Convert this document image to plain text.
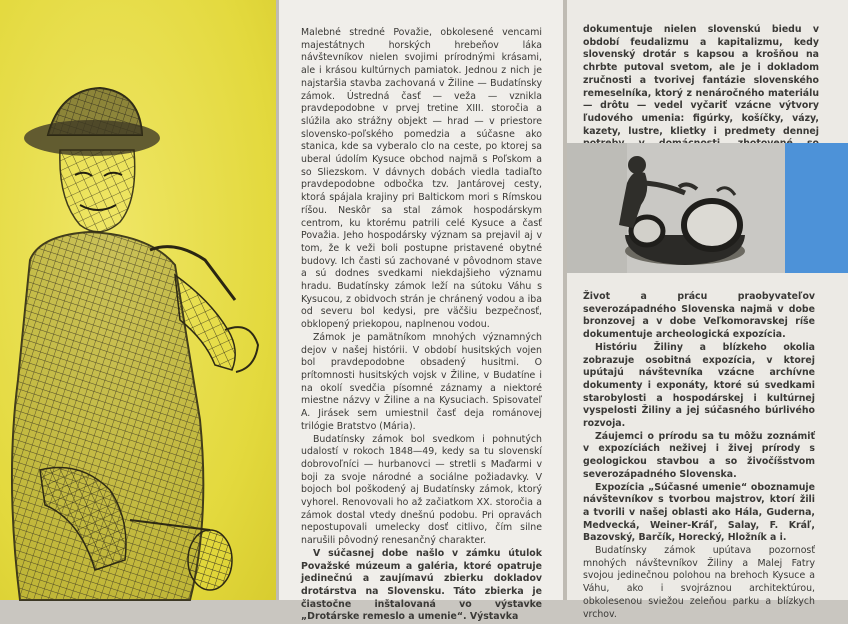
Malebné stredné Považie, obkolesené vencami majestátnych horských hrebeňov láka návštevníkov nielen svojimi prírodnými krásami, ale i krásou kultúrnych pamiatok. Jednou z nich je najstaršia stavba zachovaná v Žiline — Budatínsky zámok. Ústredná časť — veža — vznikla pravdepodobne v prvej tretine XIII. storočia a slúžila ako strážny objekt — hrad — v priestore slovensko-poľského pomedzia a súčasne ako stanica, kde sa vyberalo clo na ceste, po ktorej sa uberal údolím Kysuce obchod najmä s Poľskom a so Sliezskom. V dávnych dobách viedla tadiaľto pravdepodobne odbočka tzv. Jantárovej cesty, ktorá spájala krajiny pri Baltickom mori s Rímskou ríšou. Neskôr sa stal zámok hospodárskym centrom, ku ktorému patrili celé Kysuce a časť Považia. Jeho hospodársky význam sa prejavil aj v tom, že k veži boli postupne pristavené obytné budovy. Ich časti sú zachované v pôvodnom stave a sú dodnes svedkami niekdajšieho významu hradu. Budatínsky zámok leží na sútoku Váhu s Kysucou, z obidvoch strán je chránený vodou a iba od severu bol kedysi, pre väčšiu bezpečnosť, obklopený priekopou, naplnenou vodou.

Zámok je pamätníkom mnohých významných dejov v našej histórii. V období husitských vojen bol pravdepodobne obsadený husitmi. O prítomnosti husitských vojsk v Žiline, v Budatíne i na okolí svedčia písomné záznamy a niektoré miestne názvy v Žiline a na Kysuciach. Spisovateľ A. Jirásek sem umiestnil časť deja románovej trilógie Bratstvo (Mária).

Budatínsky zámok bol svedkom i pohnutých udalostí v rokoch 1848—49, kedy sa tu slovenskí dobrovoľníci — hurbanovci — stretli s Maďarmi v boji za svoje národné a sociálne požiadavky. V bojoch bol poškodený aj Budatínsky zámok, ktorý vyhorel. Renovovali ho až začiatkom XX. storočia a zámok dostal vtedy dnešnú podobu. Pri opravách nepostupovali umelecky dosť citlivo, čím silne narušili pôvodný renesančný charakter.

V súčasnej dobe našlo v zámku útulok Považské múzeum a galéria, ktoré opatruje jedinečnú a zaujímavú zbierku dokladov drotárstva na Slovensku. Táto zbierka je čiastočne inštalovaná vo výstavke „Drotárske remeslo a umenie“. Výstavka

dokumentuje nielen slovenskú biedu v období feudalizmu a kapitalizmu, kedy slovenský drotár s kapsou a krošňou na chrbte putoval svetom, ale je i dokladom zručnosti a tvorivej fantázie slovenského remeselníka, ktorý z nenáročného materiálu — drôtu — vedel vyčariť vzácne výtvory ľudového umenia: figúrky, košíčky, vázy, kazety, lustre, klietky i predmety dennej

Život a prácu praobyvateľov severozápadného Slovenska najmä v dobe bronzovej a v dobe Veľkomoravskej ríše dokumentuje archeologická expozícia.

Históriu Žiliny a blízkeho okolia zobrazuje osobitná expozícia, v ktorej upútajú návštevníka vzácne archívne dokumenty i exponáty, ktoré sú svedkami starobylosti a hospodárskej i kultúrnej vyspelosti Žiliny a jej súčasného búrlivého rozvoja.

Záujemci o prírodu sa tu môžu zoznámiť v expozíciách neživej i živej prírody s geologickou stavbou a so živočíšstvom severozápadného Slovenska.

Expozícia „Súčasné umenie“ oboznamuje návštevníkov s tvorbou majstrov, ktorí žili a tvorili v našej oblasti ako Hála, Guderna, Medvecká, Weiner-Kráľ, Salay, F. Kráľ, Bazovský, Barčík, Horecký, Hložník a i.

Budatínsky zámok upútava pozornosť mnohých návštevníkov Žiliny a Malej Fatry svojou jedinečnou polohou na brehoch Kysuce a Váhu, ako i svojráznou architektúrou, obkolesenou sviežou zeleňou parku a blízkych vrchov.
